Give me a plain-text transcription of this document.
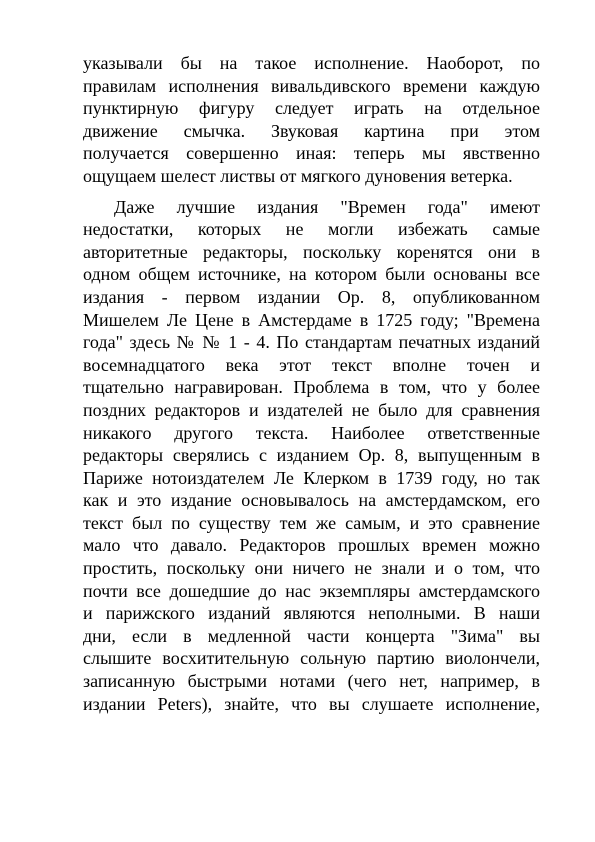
указывали бы на такое исполнение. Наоборот, по
правилам исполнения вивальдивского времени каждую
пунктирную фигуру следует играть на отдельное
движение смычка. Звуковая картина при этом
получается совершенно иная: теперь мы явственно
ощущаем шелест листвы от мягкого дуновения ветерка.

Даже лучшие издания "Времен года" имеют
недостатки, которых не могли избежать самые
авторитетные редакторы, поскольку коренятся они в
одном общем источнике, на котором были основаны все
издания - первом издании Ор. 8, опубликованном
Мишелем Ле Цене в Амстердаме в 1725 году; "Времена
года" здесь № № 1 - 4. По стандартам печатных изданий
восемнадцатого века этот текст вполне точен и
тщательно награвирован. Проблема в том, что у более
поздних редакторов и издателей не было для сравнения
никакого другого текста. Наиболее ответственные
редакторы сверялись с изданием Ор. 8, выпущенным в
Париже нотоиздателем Ле Клерком в 1739 году, но так
как и это издание основывалось на амстердамском, его
текст был по существу тем же самым, и это сравнение
мало что давало. Редакторов прошлых времен можно
простить, поскольку они ничего не знали и о том, что
почти все дошедшие до нас экземпляры амстердамского
и парижского изданий являются неполными. В наши
дни, если в медленной части концерта "Зима" вы
слышите восхитительную сольную партию виолончели,
записанную быстрыми нотами (чего нет, например, в
издании Peters), знайте, что вы слушаете исполнение,
